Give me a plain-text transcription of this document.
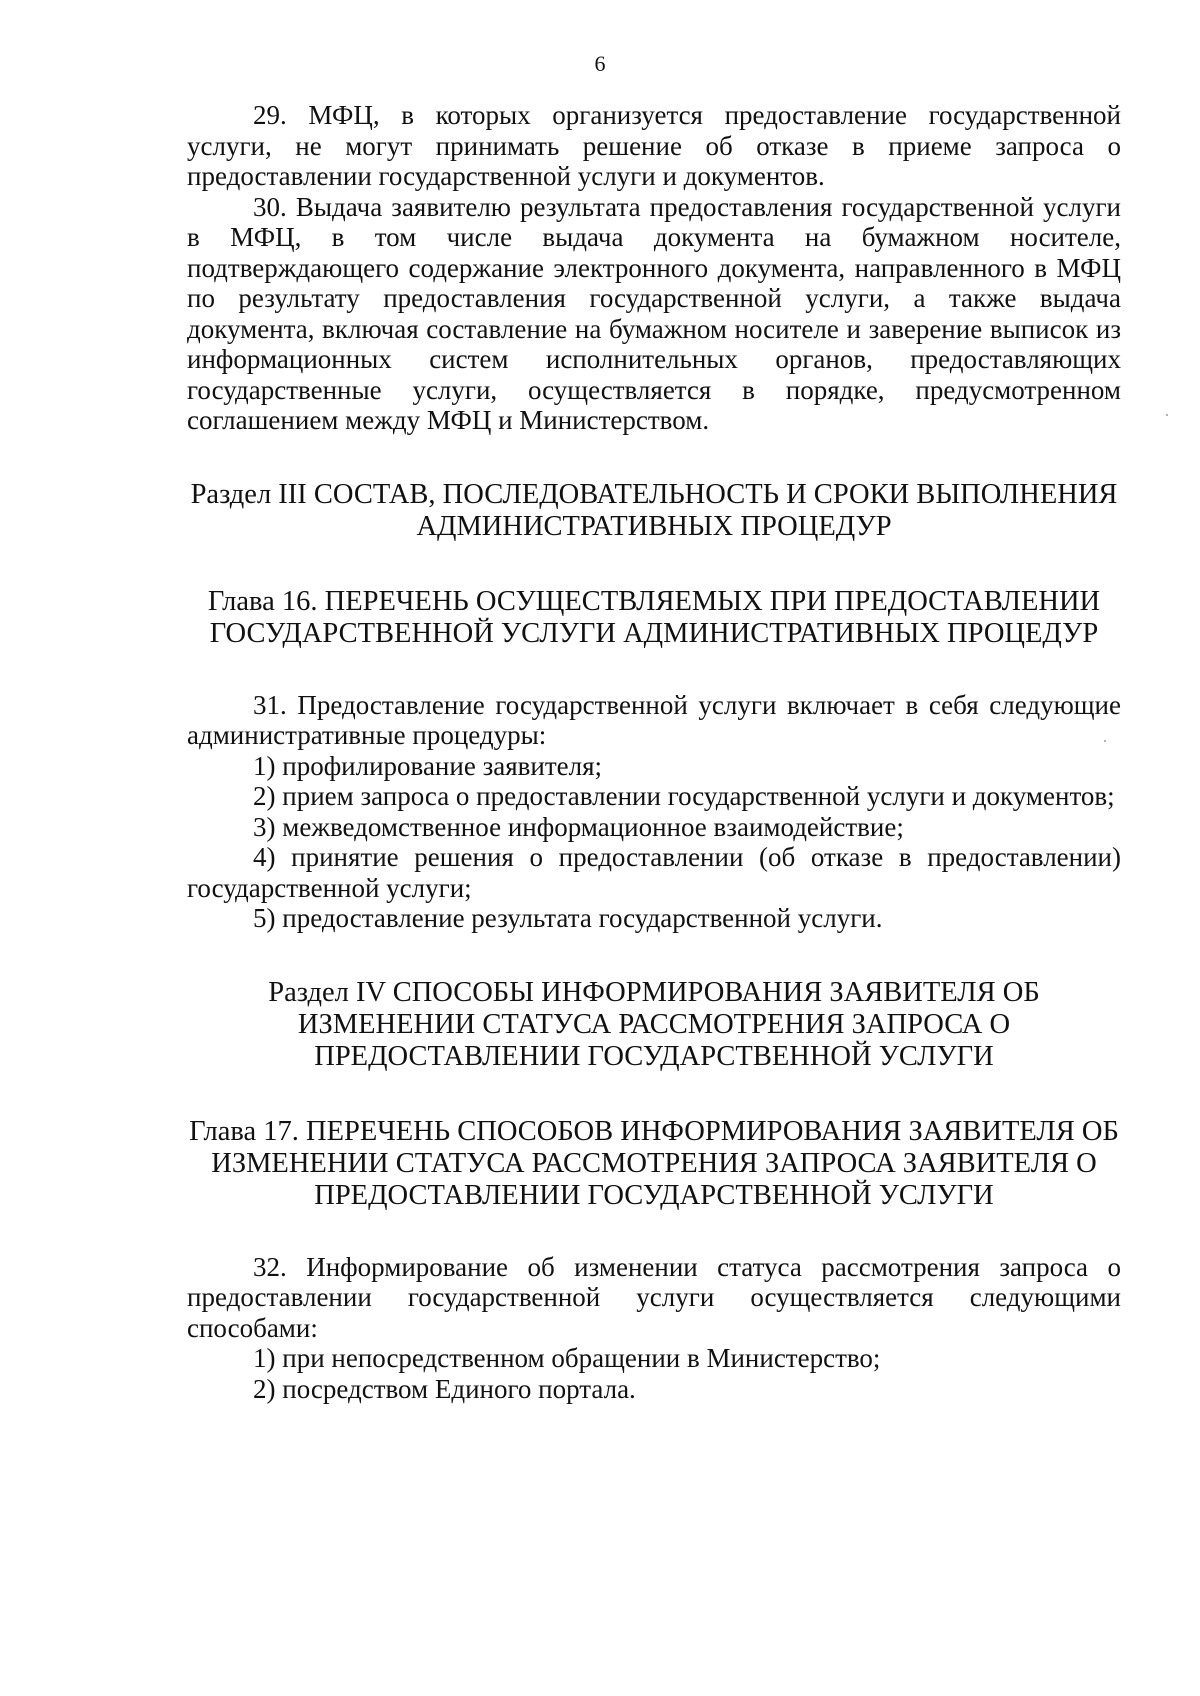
6

29. МФЦ, в которых организуется предоставление государственной услуги, не могут принимать решение об отказе в приеме запроса о предоставлении государственной услуги и документов.

30. Выдача заявителю результата предоставления государственной услуги в МФЦ, в том числе выдача документа на бумажном носителе, подтверждающего содержание электронного документа, направленного в МФЦ по результату предоставления государственной услуги, а также выдача документа, включая составление на бумажном носителе и заверение выписок из информационных систем исполнительных органов, предоставляющих государственные услуги, осуществляется в порядке, предусмотренном соглашением между МФЦ и Министерством.

Раздел III СОСТАВ, ПОСЛЕДОВАТЕЛЬНОСТЬ И СРОКИ ВЫПОЛНЕНИЯ

АДМИНИСТРАТИВНЫХ ПРОЦЕДУР

Глава 16. ПЕРЕЧЕНЬ ОСУЩЕСТВЛЯЕМЫХ ПРИ ПРЕДОСТАВЛЕНИИ

ГОСУДАРСТВЕННОЙ УСЛУГИ АДМИНИСТРАТИВНЫХ ПРОЦЕДУР

31. Предоставление государственной услуги включает в себя следующие административные процедуры:

1) профилирование заявителя;

2) прием запроса о предоставлении государственной услуги и документов;

3) межведомственное информационное взаимодействие;

4) принятие решения о предоставлении (об отказе в предоставлении) государственной услуги;

5) предоставление результата государственной услуги.

Раздел IV СПОСОБЫ ИНФОРМИРОВАНИЯ ЗАЯВИТЕЛЯ ОБ

ИЗМЕНЕНИИ СТАТУСА РАССМОТРЕНИЯ ЗАПРОСА О

ПРЕДОСТАВЛЕНИИ ГОСУДАРСТВЕННОЙ УСЛУГИ

Глава 17. ПЕРЕЧЕНЬ СПОСОБОВ ИНФОРМИРОВАНИЯ ЗАЯВИТЕЛЯ ОБ

ИЗМЕНЕНИИ СТАТУСА РАССМОТРЕНИЯ ЗАПРОСА ЗАЯВИТЕЛЯ О

ПРЕДОСТАВЛЕНИИ ГОСУДАРСТВЕННОЙ УСЛУГИ

32. Информирование об изменении статуса рассмотрения запроса о предоставлении государственной услуги осуществляется следующими способами:

1) при непосредственном обращении в Министерство;

2) посредством Единого портала.
